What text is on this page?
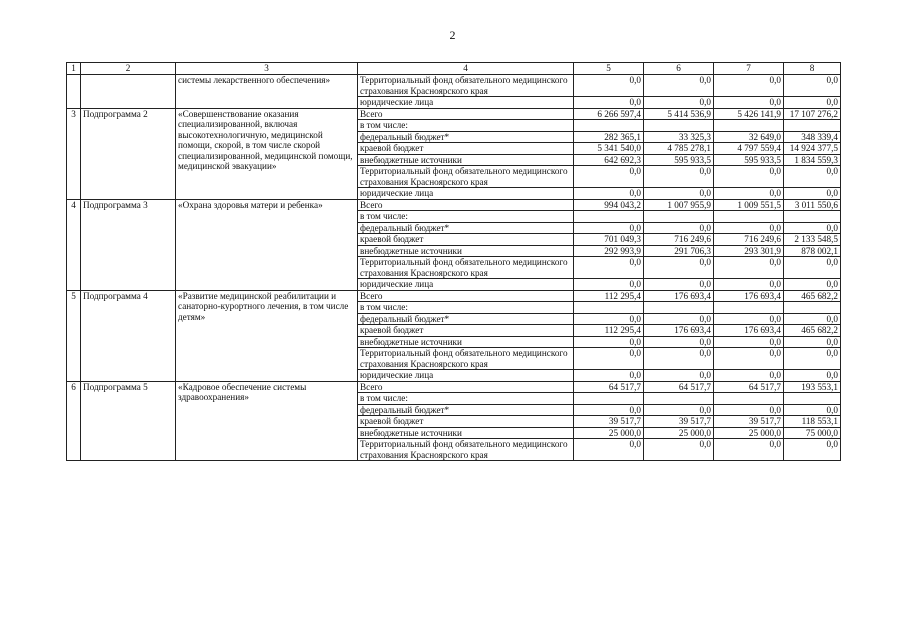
2
1	2	3	4	5	6	7	8
		системы лекарственного обеспечения»	Территориальный фонд обязательного медицинского страхования Красноярского края	0,0	0,0	0,0	0,0
			юридические лица	0,0	0,0	0,0	0,0
3	Подпрограмма 2	«Совершенствование оказания специализированной, включая высокотехнологичную, медицинской помощи, скорой, в том числе скорой специализированной, медицинской помощи, медицинской эвакуации»	Всего	6 266 597,4	5 414 536,9	5 426 141,9	17 107 276,2
			в том числе:				
			федеральный бюджет*	282 365,1	33 325,3	32 649,0	348 339,4
			краевой бюджет	5 341 540,0	4 785 278,1	4 797 559,4	14 924 377,5
			внебюджетные источники	642 692,3	595 933,5	595 933,5	1 834 559,3
			Территориальный фонд обязательного медицинского страхования Красноярского края	0,0	0,0	0,0	0,0
			юридические лица	0,0	0,0	0,0	0,0
4	Подпрограмма 3	«Охрана здоровья матери и ребенка»	Всего	994 043,2	1 007 955,9	1 009 551,5	3 011 550,6
			в том числе:				
			федеральный бюджет*	0,0	0,0	0,0	0,0
			краевой бюджет	701 049,3	716 249,6	716 249,6	2 133 548,5
			внебюджетные источники	292 993,9	291 706,3	293 301,9	878 002,1
			Территориальный фонд обязательного медицинского страхования Красноярского края	0,0	0,0	0,0	0,0
			юридические лица	0,0	0,0	0,0	0,0
5	Подпрограмма 4	«Развитие медицинской реабилитации и санаторно-курортного лечения, в том числе детям»	Всего	112 295,4	176 693,4	176 693,4	465 682,2
			в том числе:				
			федеральный бюджет*	0,0	0,0	0,0	0,0
			краевой бюджет	112 295,4	176 693,4	176 693,4	465 682,2
			внебюджетные источники	0,0	0,0	0,0	0,0
			Территориальный фонд обязательного медицинского страхования Красноярского края	0,0	0,0	0,0	0,0
			юридические лица	0,0	0,0	0,0	0,0
6	Подпрограмма 5	«Кадровое обеспечение системы здравоохранения»	Всего	64 517,7	64 517,7	64 517,7	193 553,1
			в том числе:				
			федеральный бюджет*	0,0	0,0	0,0	0,0
			краевой бюджет	39 517,7	39 517,7	39 517,7	118 553,1
			внебюджетные источники	25 000,0	25 000,0	25 000,0	75 000,0
			Территориальный фонд обязательного медицинского страхования Красноярского края	0,0	0,0	0,0	0,0
